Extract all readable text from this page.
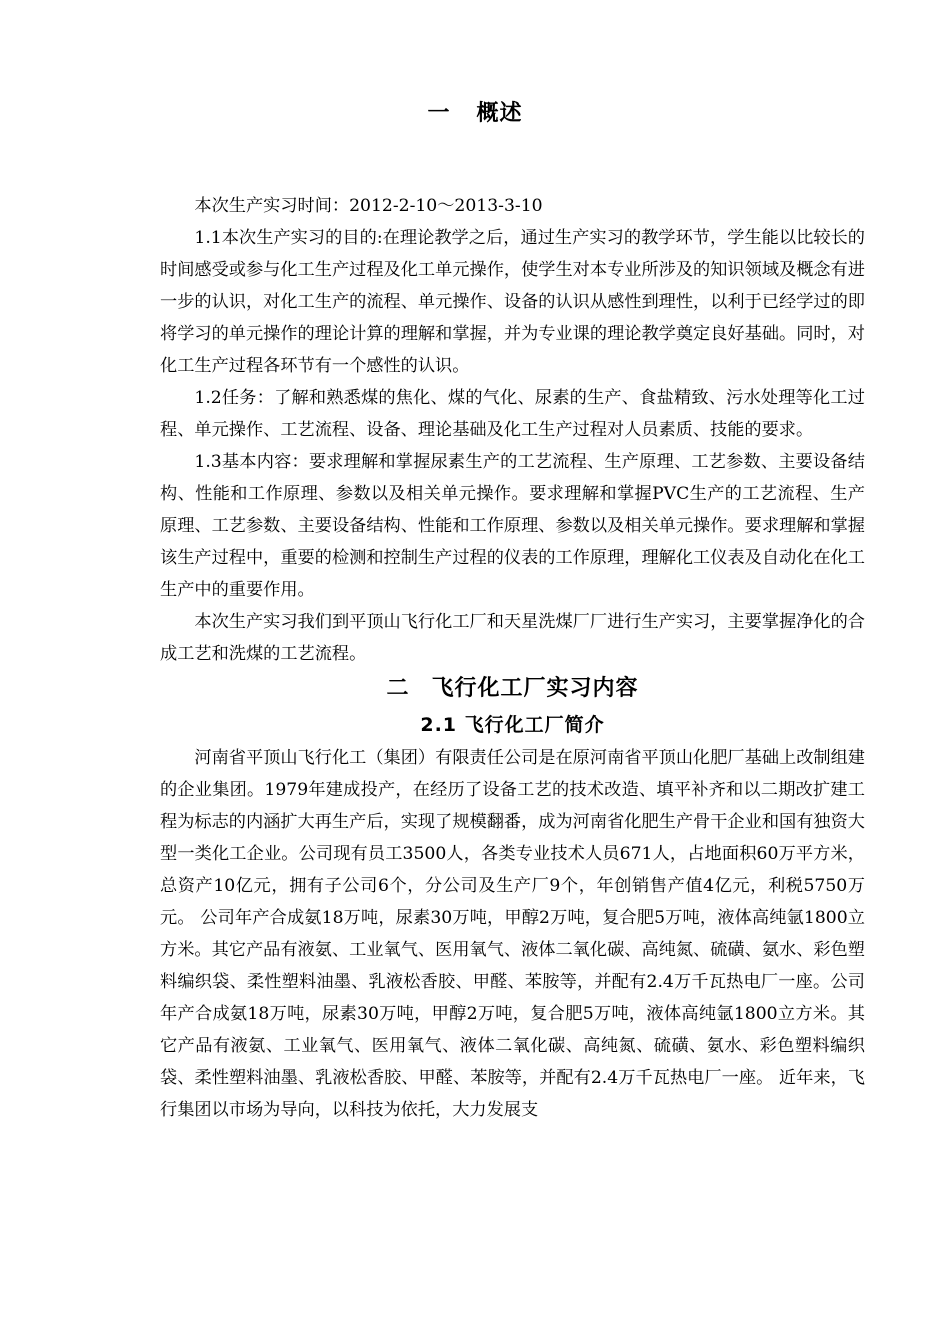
一 概述

本次生产实习时间：2012-2-10～2013-3-10

1.1本次生产实习的目的:在理论教学之后，通过生产实习的教学环节，学生能以比较长的时间感受或参与化工生产过程及化工单元操作，使学生对本专业所涉及的知识领域及概念有进一步的认识，对化工生产的流程、单元操作、设备的认识从感性到理性，以利于已经学过的即将学习的单元操作的理论计算的理解和掌握，并为专业课的理论教学奠定良好基础。同时，对化工生产过程各环节有一个感性的认识。

1.2任务：了解和熟悉煤的焦化、煤的气化、尿素的生产、食盐精致、污水处理等化工过程、单元操作、工艺流程、设备、理论基础及化工生产过程对人员素质、技能的要求。

1.3基本内容：要求理解和掌握尿素生产的工艺流程、生产原理、工艺参数、主要设备结构、性能和工作原理、参数以及相关单元操作。要求理解和掌握PVC生产的工艺流程、生产原理、工艺参数、主要设备结构、性能和工作原理、参数以及相关单元操作。要求理解和掌握该生产过程中，重要的检测和控制生产过程的仪表的工作原理，理解化工仪表及自动化在化工生产中的重要作用。

本次生产实习我们到平顶山飞行化工厂和天星洗煤厂厂进行生产实习，主要掌握净化的合成工艺和洗煤的工艺流程。

二 飞行化工厂实习内容
2.1 飞行化工厂简介

河南省平顶山飞行化工（集团）有限责任公司是在原河南省平顶山化肥厂基础上改制组建的企业集团。1979年建成投产，在经历了设备工艺的技术改造、填平补齐和以二期改扩建工程为标志的内涵扩大再生产后，实现了规模翻番，成为河南省化肥生产骨干企业和国有独资大型一类化工企业。公司现有员工3500人，各类专业技术人员671人，占地面积60万平方米，总资产10亿元，拥有子公司6个，分公司及生产厂9个，年创销售产值4亿元，利税5750万元。 公司年产合成氨18万吨，尿素30万吨，甲醇2万吨，复合肥5万吨，液体高纯氩1800立方米。其它产品有液氨、工业氧气、医用氧气、液体二氧化碳、高纯氮、硫磺、氨水、彩色塑料编织袋、柔性塑料油墨、乳液松香胶、甲醛、苯胺等，并配有2.4万千瓦热电厂一座。公司年产合成氨18万吨，尿素30万吨，甲醇2万吨，复合肥5万吨，液体高纯氩1800立方米。其它产品有液氨、工业氧气、医用氧气、液体二氧化碳、高纯氮、硫磺、氨水、彩色塑料编织袋、柔性塑料油墨、乳液松香胶、甲醛、苯胺等，并配有2.4万千瓦热电厂一座。 近年来，飞行集团以市场为导向，以科技为依托，大力发展支
